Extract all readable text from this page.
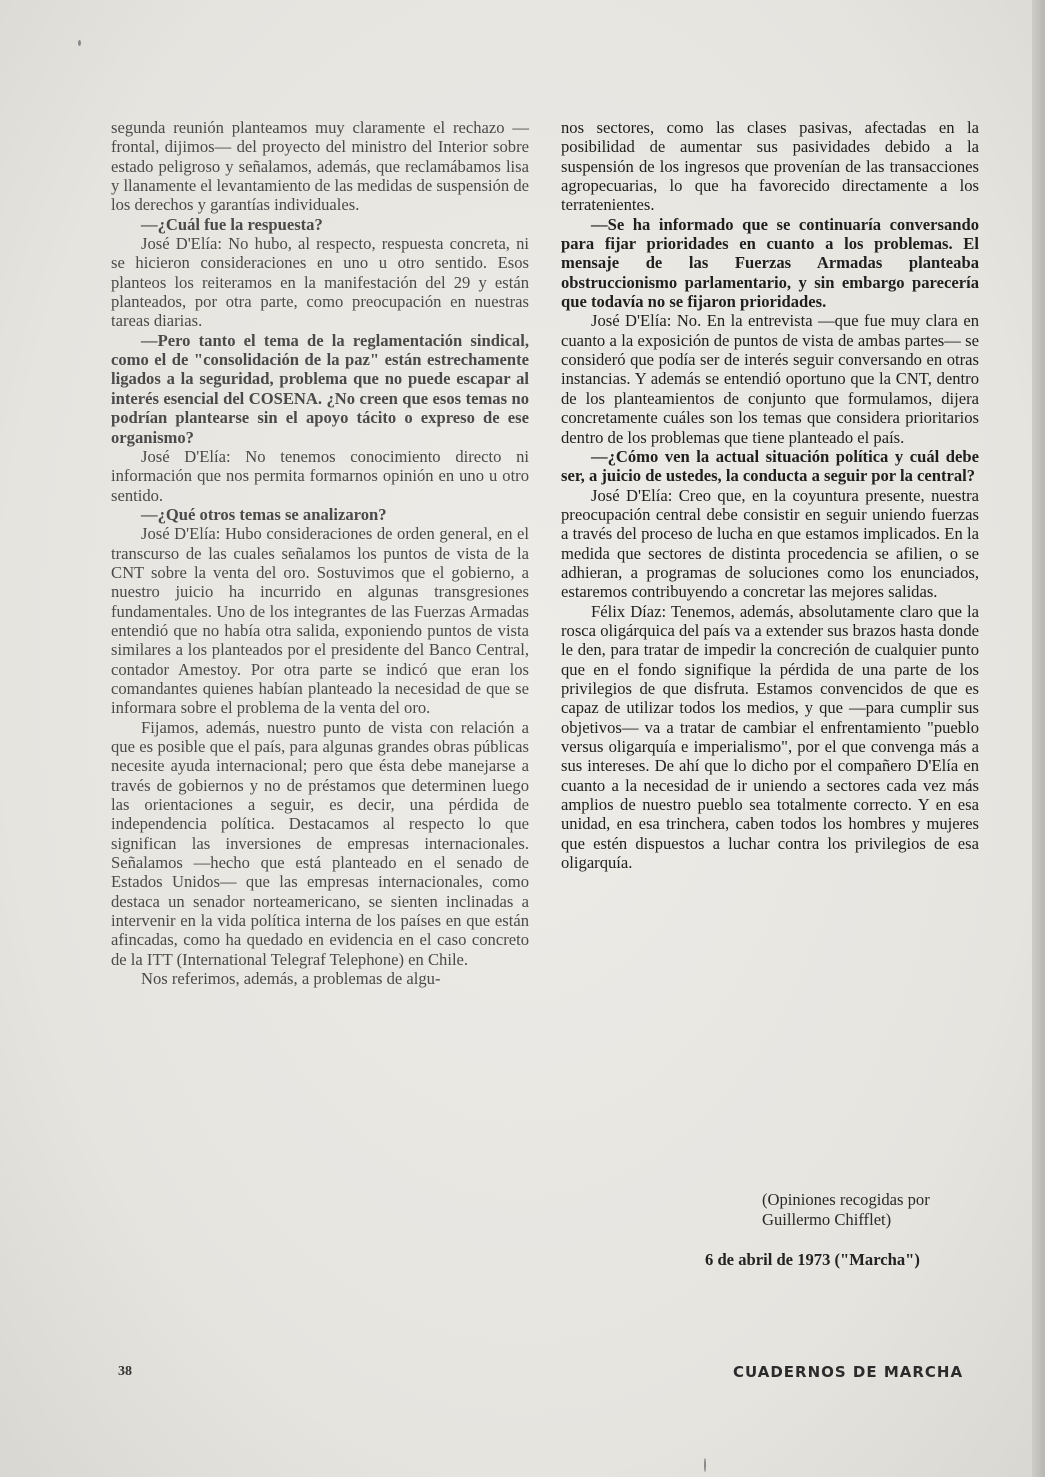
segunda reunión planteamos muy claramente el rechazo —frontal, dijimos— del proyecto del ministro del Interior sobre estado peligroso y señalamos, además, que reclamábamos lisa y llanamente el levantamiento de las medidas de suspensión de los derechos y garantías individuales.

—¿Cuál fue la respuesta?

José D'Elía: No hubo, al respecto, respuesta concreta, ni se hicieron consideraciones en uno u otro sentido. Esos planteos los reiteramos en la manifestación del 29 y están planteados, por otra parte, como preocupación en nuestras tareas diarias.

—Pero tanto el tema de la reglamentación sindical, como el de "consolidación de la paz" están estrechamente ligados a la seguridad, problema que no puede escapar al interés esencial del COSENA. ¿No creen que esos temas no podrían plantearse sin el apoyo tácito o expreso de ese organismo?

José D'Elía: No tenemos conocimiento directo ni información que nos permita formarnos opinión en uno u otro sentido.

—¿Qué otros temas se analizaron?

José D'Elía: Hubo consideraciones de orden general, en el transcurso de las cuales señalamos los puntos de vista de la CNT sobre la venta del oro. Sostuvimos que el gobierno, a nuestro juicio ha incurrido en algunas transgresiones fundamentales. Uno de los integrantes de las Fuerzas Armadas entendió que no había otra salida, exponiendo puntos de vista similares a los planteados por el presidente del Banco Central, contador Amestoy. Por otra parte se indicó que eran los comandantes quienes habían planteado la necesidad de que se informara sobre el problema de la venta del oro.

Fijamos, además, nuestro punto de vista con relación a que es posible que el país, para algunas grandes obras públicas necesite ayuda internacional; pero que ésta debe manejarse a través de gobiernos y no de préstamos que determinen luego las orientaciones a seguir, es decir, una pérdida de independencia política. Destacamos al respecto lo que significan las inversiones de empresas internacionales. Señalamos —hecho que está planteado en el senado de Estados Unidos— que las empresas internacionales, como destaca un senador norteamericano, se sienten inclinadas a intervenir en la vida política interna de los países en que están afincadas, como ha quedado en evidencia en el caso concreto de la ITT (International Telegraf Telephone) en Chile.

Nos referimos, además, a problemas de algu-

nos sectores, como las clases pasivas, afectadas en la posibilidad de aumentar sus pasividades debido a la suspensión de los ingresos que provenían de las transacciones agropecuarias, lo que ha favorecido directamente a los terratenientes.

—Se ha informado que se continuaría conversando para fijar prioridades en cuanto a los problemas. El mensaje de las Fuerzas Armadas planteaba obstruccionismo parlamentario, y sin embargo parecería que todavía no se fijaron prioridades.

José D'Elía: No. En la entrevista —que fue muy clara en cuanto a la exposición de puntos de vista de ambas partes— se consideró que podía ser de interés seguir conversando en otras instancias. Y además se entendió oportuno que la CNT, dentro de los planteamientos de conjunto que formulamos, dijera concretamente cuáles son los temas que considera prioritarios dentro de los problemas que tiene planteado el país.

—¿Cómo ven la actual situación política y cuál debe ser, a juicio de ustedes, la conducta a seguir por la central?

José D'Elía: Creo que, en la coyuntura presente, nuestra preocupación central debe consistir en seguir uniendo fuerzas a través del proceso de lucha en que estamos implicados. En la medida que sectores de distinta procedencia se afilien, o se adhieran, a programas de soluciones como los enunciados, estaremos contribuyendo a concretar las mejores salidas.

Félix Díaz: Tenemos, además, absolutamente claro que la rosca oligárquica del país va a extender sus brazos hasta donde le den, para tratar de impedir la concreción de cualquier punto que en el fondo signifique la pérdida de una parte de los privilegios de que disfruta. Estamos convencidos de que es capaz de utilizar todos los medios, y que —para cumplir sus objetivos— va a tratar de cambiar el enfrentamiento "pueblo versus oligarquía e imperialismo", por el que convenga más a sus intereses. De ahí que lo dicho por el compañero D'Elía en cuanto a la necesidad de ir uniendo a sectores cada vez más amplios de nuestro pueblo sea totalmente correcto. Y en esa unidad, en esa trinchera, caben todos los hombres y mujeres que estén dispuestos a luchar contra los privilegios de esa oligarquía.

(Opiniones recogidas por

Guillermo Chifflet)

6 de abril de 1973 ("Marcha")
38	CUADERNOS DE MARCHA
